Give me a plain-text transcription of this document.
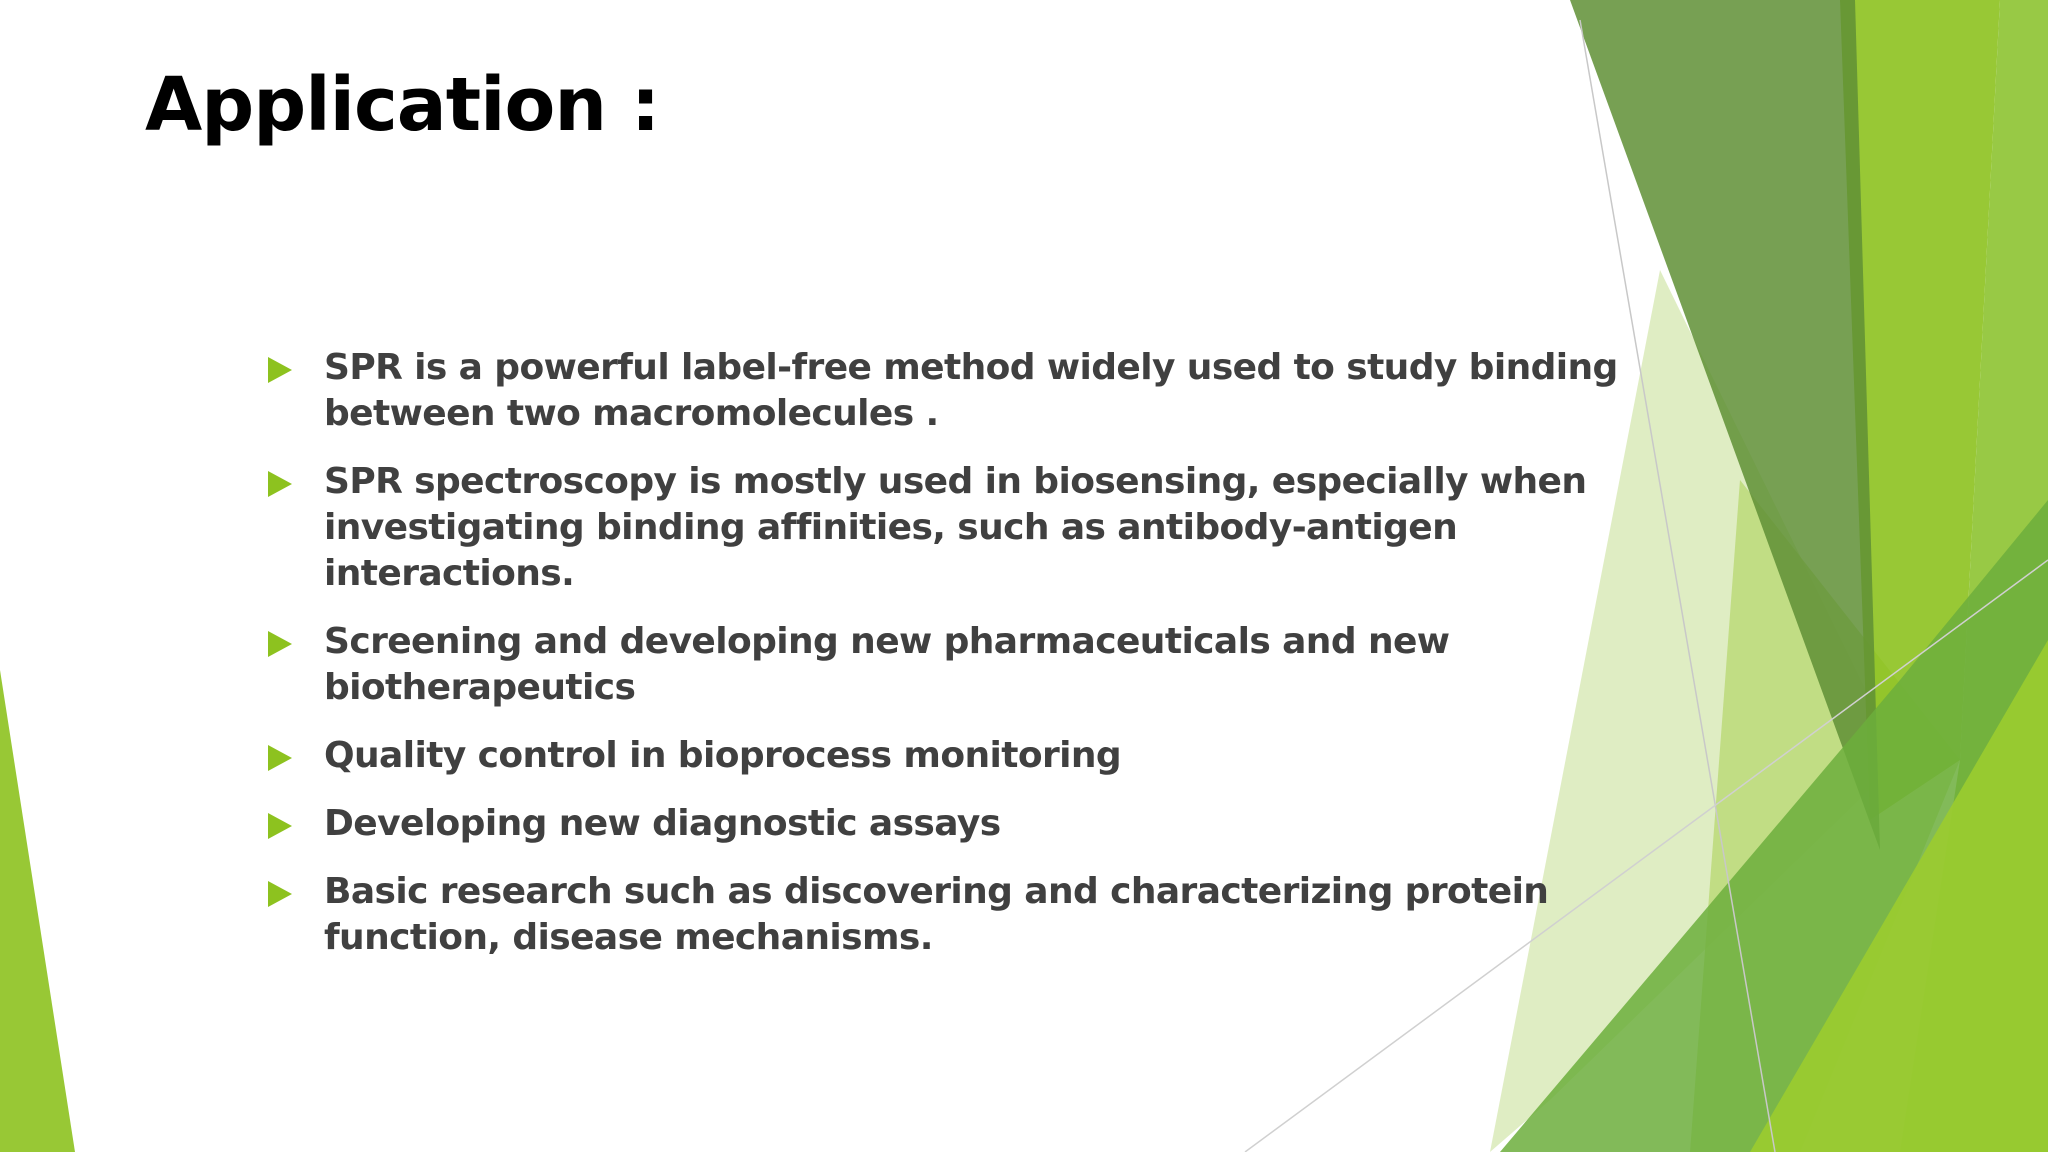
Application :
SPR is a powerful label-free method widely used to study binding between two macromolecules .
SPR spectroscopy is mostly used in biosensing, especially when investigating binding affinities, such as antibody-antigen interactions.
Screening and developing new pharmaceuticals and new biotherapeutics
Quality control in bioprocess monitoring
Developing new diagnostic assays
Basic research such as discovering and characterizing protein function, disease mechanisms.
